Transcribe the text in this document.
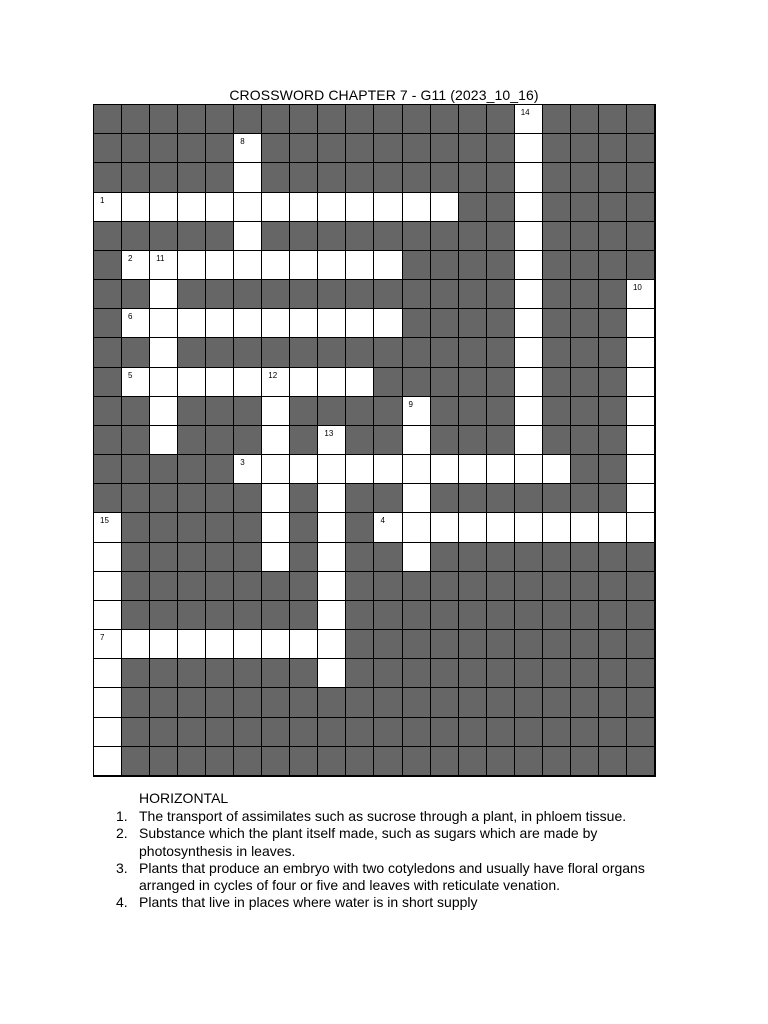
CROSSWORD CHAPTER 7 - G11 (2023_10_16)
14
8
1
2	11
10
6
5	12
9
13
3
15	4
7
HORIZONTAL
1. The transport of assimilates such as sucrose through a plant, in phloem tissue.
2. Substance which the plant itself made, such as sugars which are made by photosynthesis in leaves.
3. Plants that produce an embryo with two cotyledons and usually have floral organs arranged in cycles of four or five and leaves with reticulate venation.
4. Plants that live in places where water is in short supply
